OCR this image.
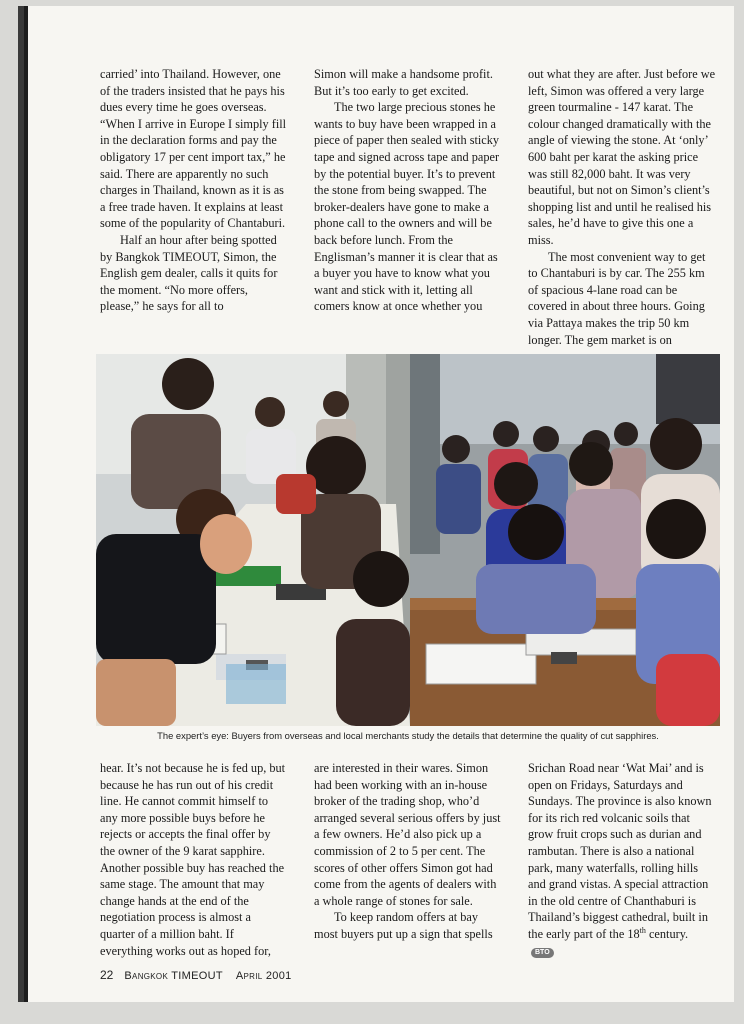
carried’ into Thailand. However, one of the traders insisted that he pays his dues every time he goes overseas. “When I arrive in Europe I simply fill in the declaration forms and pay the obligatory 17 per cent import tax,” he said. There are apparently no such charges in Thailand, known as it is as a free trade haven. It explains at least some of the popularity of Chantaburi.

Half an hour after being spotted by Bangkok TIMEOUT, Simon, the English gem dealer, calls it quits for the moment. “No more offers, please,” he says for all to

Simon will make a handsome profit. But it’s too early to get excited.

The two large precious stones he wants to buy have been wrapped in a piece of paper then sealed with sticky tape and signed across tape and paper by the potential buyer. It’s to prevent the stone from being swapped. The broker-dealers have gone to make a phone call to the owners and will be back before lunch. From the Englisman’s manner it is clear that as a buyer you have to know what you want and stick with it, letting all comers know at once whether you

out what they are after. Just before we left, Simon was offered a very large green tourmaline - 147 karat. The colour changed dramatically with the angle of viewing the stone. At ‘only’ 600 baht per karat the asking price was still 82,000 baht. It was very beautiful, but not on Simon’s client’s shopping list and until he realised his sales, he’d have to give this one a miss.

The most convenient way to get to Chantaburi is by car. The 255 km of spacious 4-lane road can be covered in about three hours. Going via Pattaya makes the trip 50 km longer. The gem market is on

The expert’s eye: Buyers from overseas and local merchants study the details that determine the quality of cut sapphires.

hear. It’s not because he is fed up, but because he has run out of his credit line. He cannot commit himself to any more possible buys before he rejects or accepts the final offer by the owner of the 9 karat sapphire. Another possible buy has reached the same stage. The amount that may change hands at the end of the negotiation process is almost a quarter of a million baht. If everything works out as hoped for,

are interested in their wares. Simon had been working with an in-house broker of the trading shop, who’d arranged several serious offers by just a few owners. He’d also pick up a commission of 2 to 5 per cent. The scores of other offers Simon got had come from the agents of dealers with a whole range of stones for sale.

To keep random offers at bay most buyers put up a sign that spells

Srichan Road near ‘Wat Mai’ and is open on Fridays, Saturdays and Sundays. The province is also known for its rich red volcanic soils that grow fruit crops such as durian and rambutan. There is also a national park, many waterfalls, rolling hills and grand vistas. A special attraction in the old centre of Chanthaburi is Thailand’s biggest cathedral, built in the early part of the 18th century. BTO

22 Bangkok TIMEOUT April 2001
